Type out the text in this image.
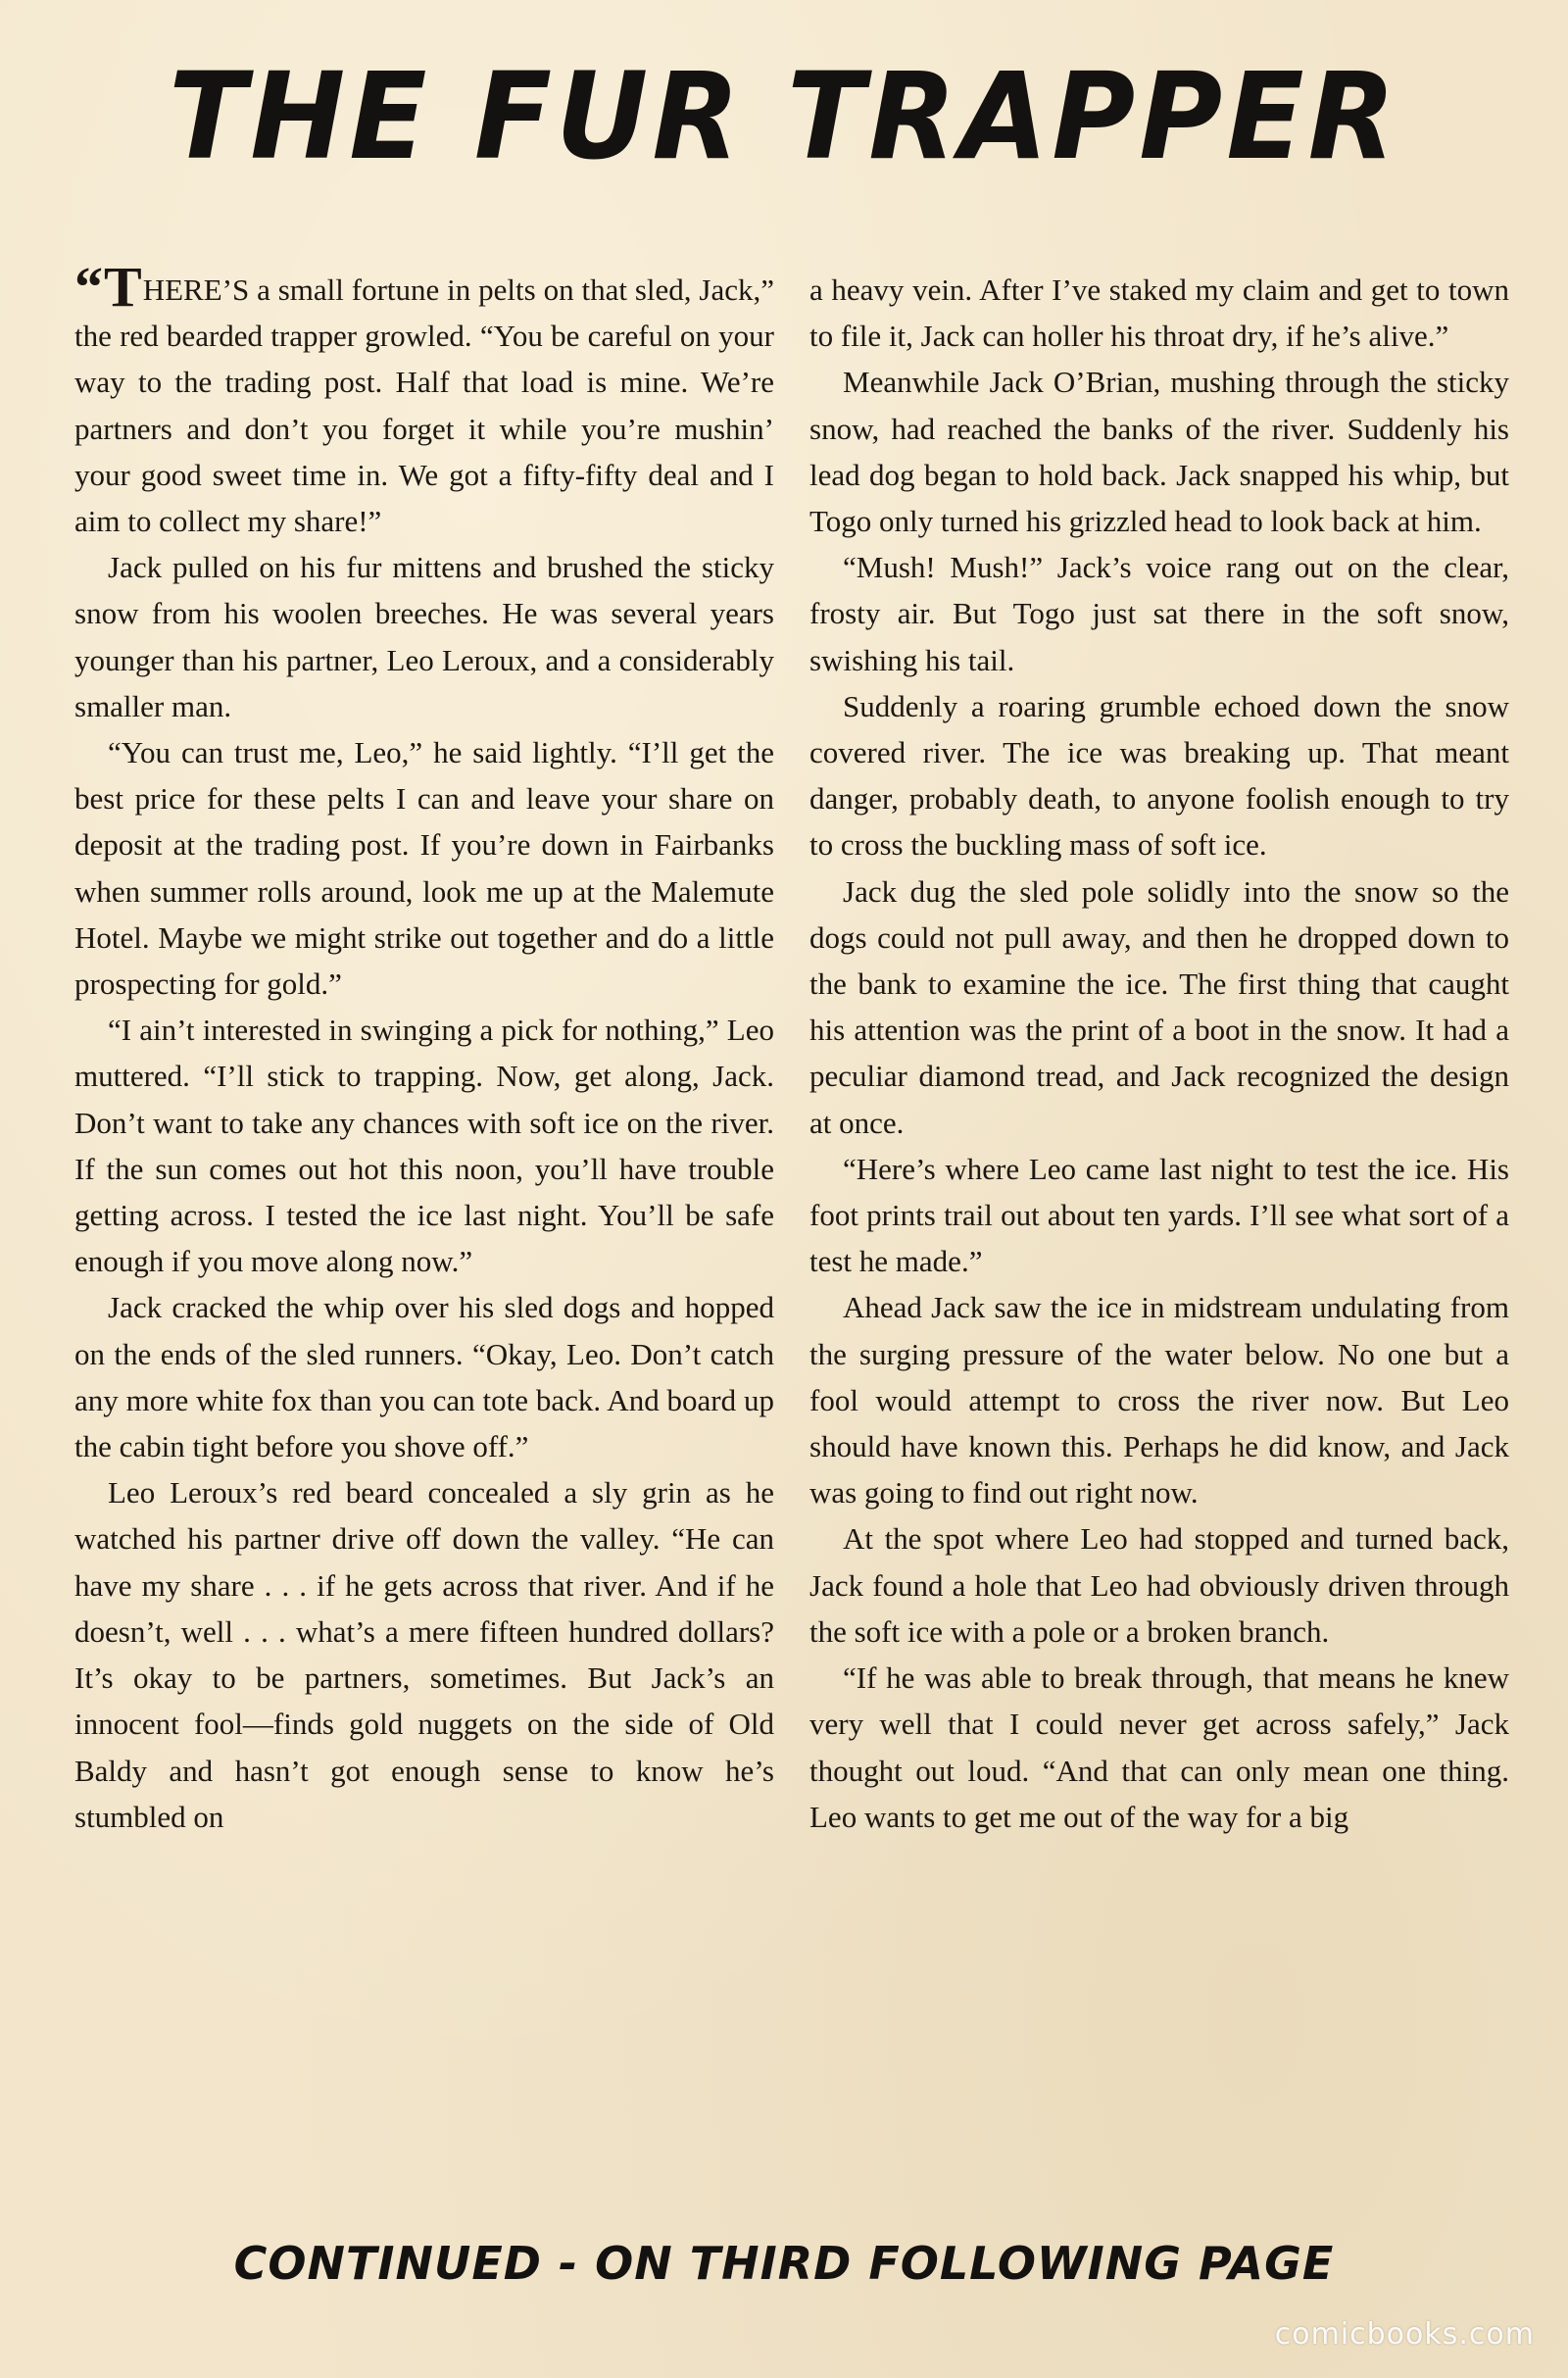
THE FUR TRAPPER

“THERE’S a small fortune in pelts on that sled, Jack,” the red bearded trapper growled. “You be careful on your way to the trading post. Half that load is mine. We’re partners and don’t you forget it while you’re mushin’ your good sweet time in. We got a fifty-fifty deal and I aim to collect my share!”

Jack pulled on his fur mittens and brushed the sticky snow from his woolen breeches. He was several years younger than his partner, Leo Leroux, and a considerably smaller man.

“You can trust me, Leo,” he said lightly. “I’ll get the best price for these pelts I can and leave your share on deposit at the trading post. If you’re down in Fairbanks when summer rolls around, look me up at the Malemute Hotel. Maybe we might strike out together and do a little prospecting for gold.”

“I ain’t interested in swinging a pick for nothing,” Leo muttered. “I’ll stick to trapping. Now, get along, Jack. Don’t want to take any chances with soft ice on the river. If the sun comes out hot this noon, you’ll have trouble getting across. I tested the ice last night. You’ll be safe enough if you move along now.”

Jack cracked the whip over his sled dogs and hopped on the ends of the sled runners. “Okay, Leo. Don’t catch any more white fox than you can tote back. And board up the cabin tight before you shove off.”

Leo Leroux’s red beard concealed a sly grin as he watched his partner drive off down the valley. “He can have my share . . . if he gets across that river. And if he doesn’t, well . . . what’s a mere fifteen hundred dollars? It’s okay to be partners, sometimes. But Jack’s an innocent fool—finds gold nuggets on the side of Old Baldy and hasn’t got enough sense to know he’s stumbled on

a heavy vein. After I’ve staked my claim and get to town to file it, Jack can holler his throat dry, if he’s alive.”

Meanwhile Jack O’Brian, mushing through the sticky snow, had reached the banks of the river. Suddenly his lead dog began to hold back. Jack snapped his whip, but Togo only turned his grizzled head to look back at him.

“Mush! Mush!” Jack’s voice rang out on the clear, frosty air. But Togo just sat there in the soft snow, swishing his tail.

Suddenly a roaring grumble echoed down the snow covered river. The ice was breaking up. That meant danger, probably death, to anyone foolish enough to try to cross the buckling mass of soft ice.

Jack dug the sled pole solidly into the snow so the dogs could not pull away, and then he dropped down to the bank to examine the ice. The first thing that caught his attention was the print of a boot in the snow. It had a peculiar diamond tread, and Jack recognized the design at once.

“Here’s where Leo came last night to test the ice. His foot prints trail out about ten yards. I’ll see what sort of a test he made.”

Ahead Jack saw the ice in midstream undulating from the surging pressure of the water below. No one but a fool would attempt to cross the river now. But Leo should have known this. Perhaps he did know, and Jack was going to find out right now.

At the spot where Leo had stopped and turned back, Jack found a hole that Leo had obviously driven through the soft ice with a pole or a broken branch.

“If he was able to break through, that means he knew very well that I could never get across safely,” Jack thought out loud. “And that can only mean one thing. Leo wants to get me out of the way for a big

CONTINUED - ON THIRD FOLLOWING PAGE
comicbooks.com
